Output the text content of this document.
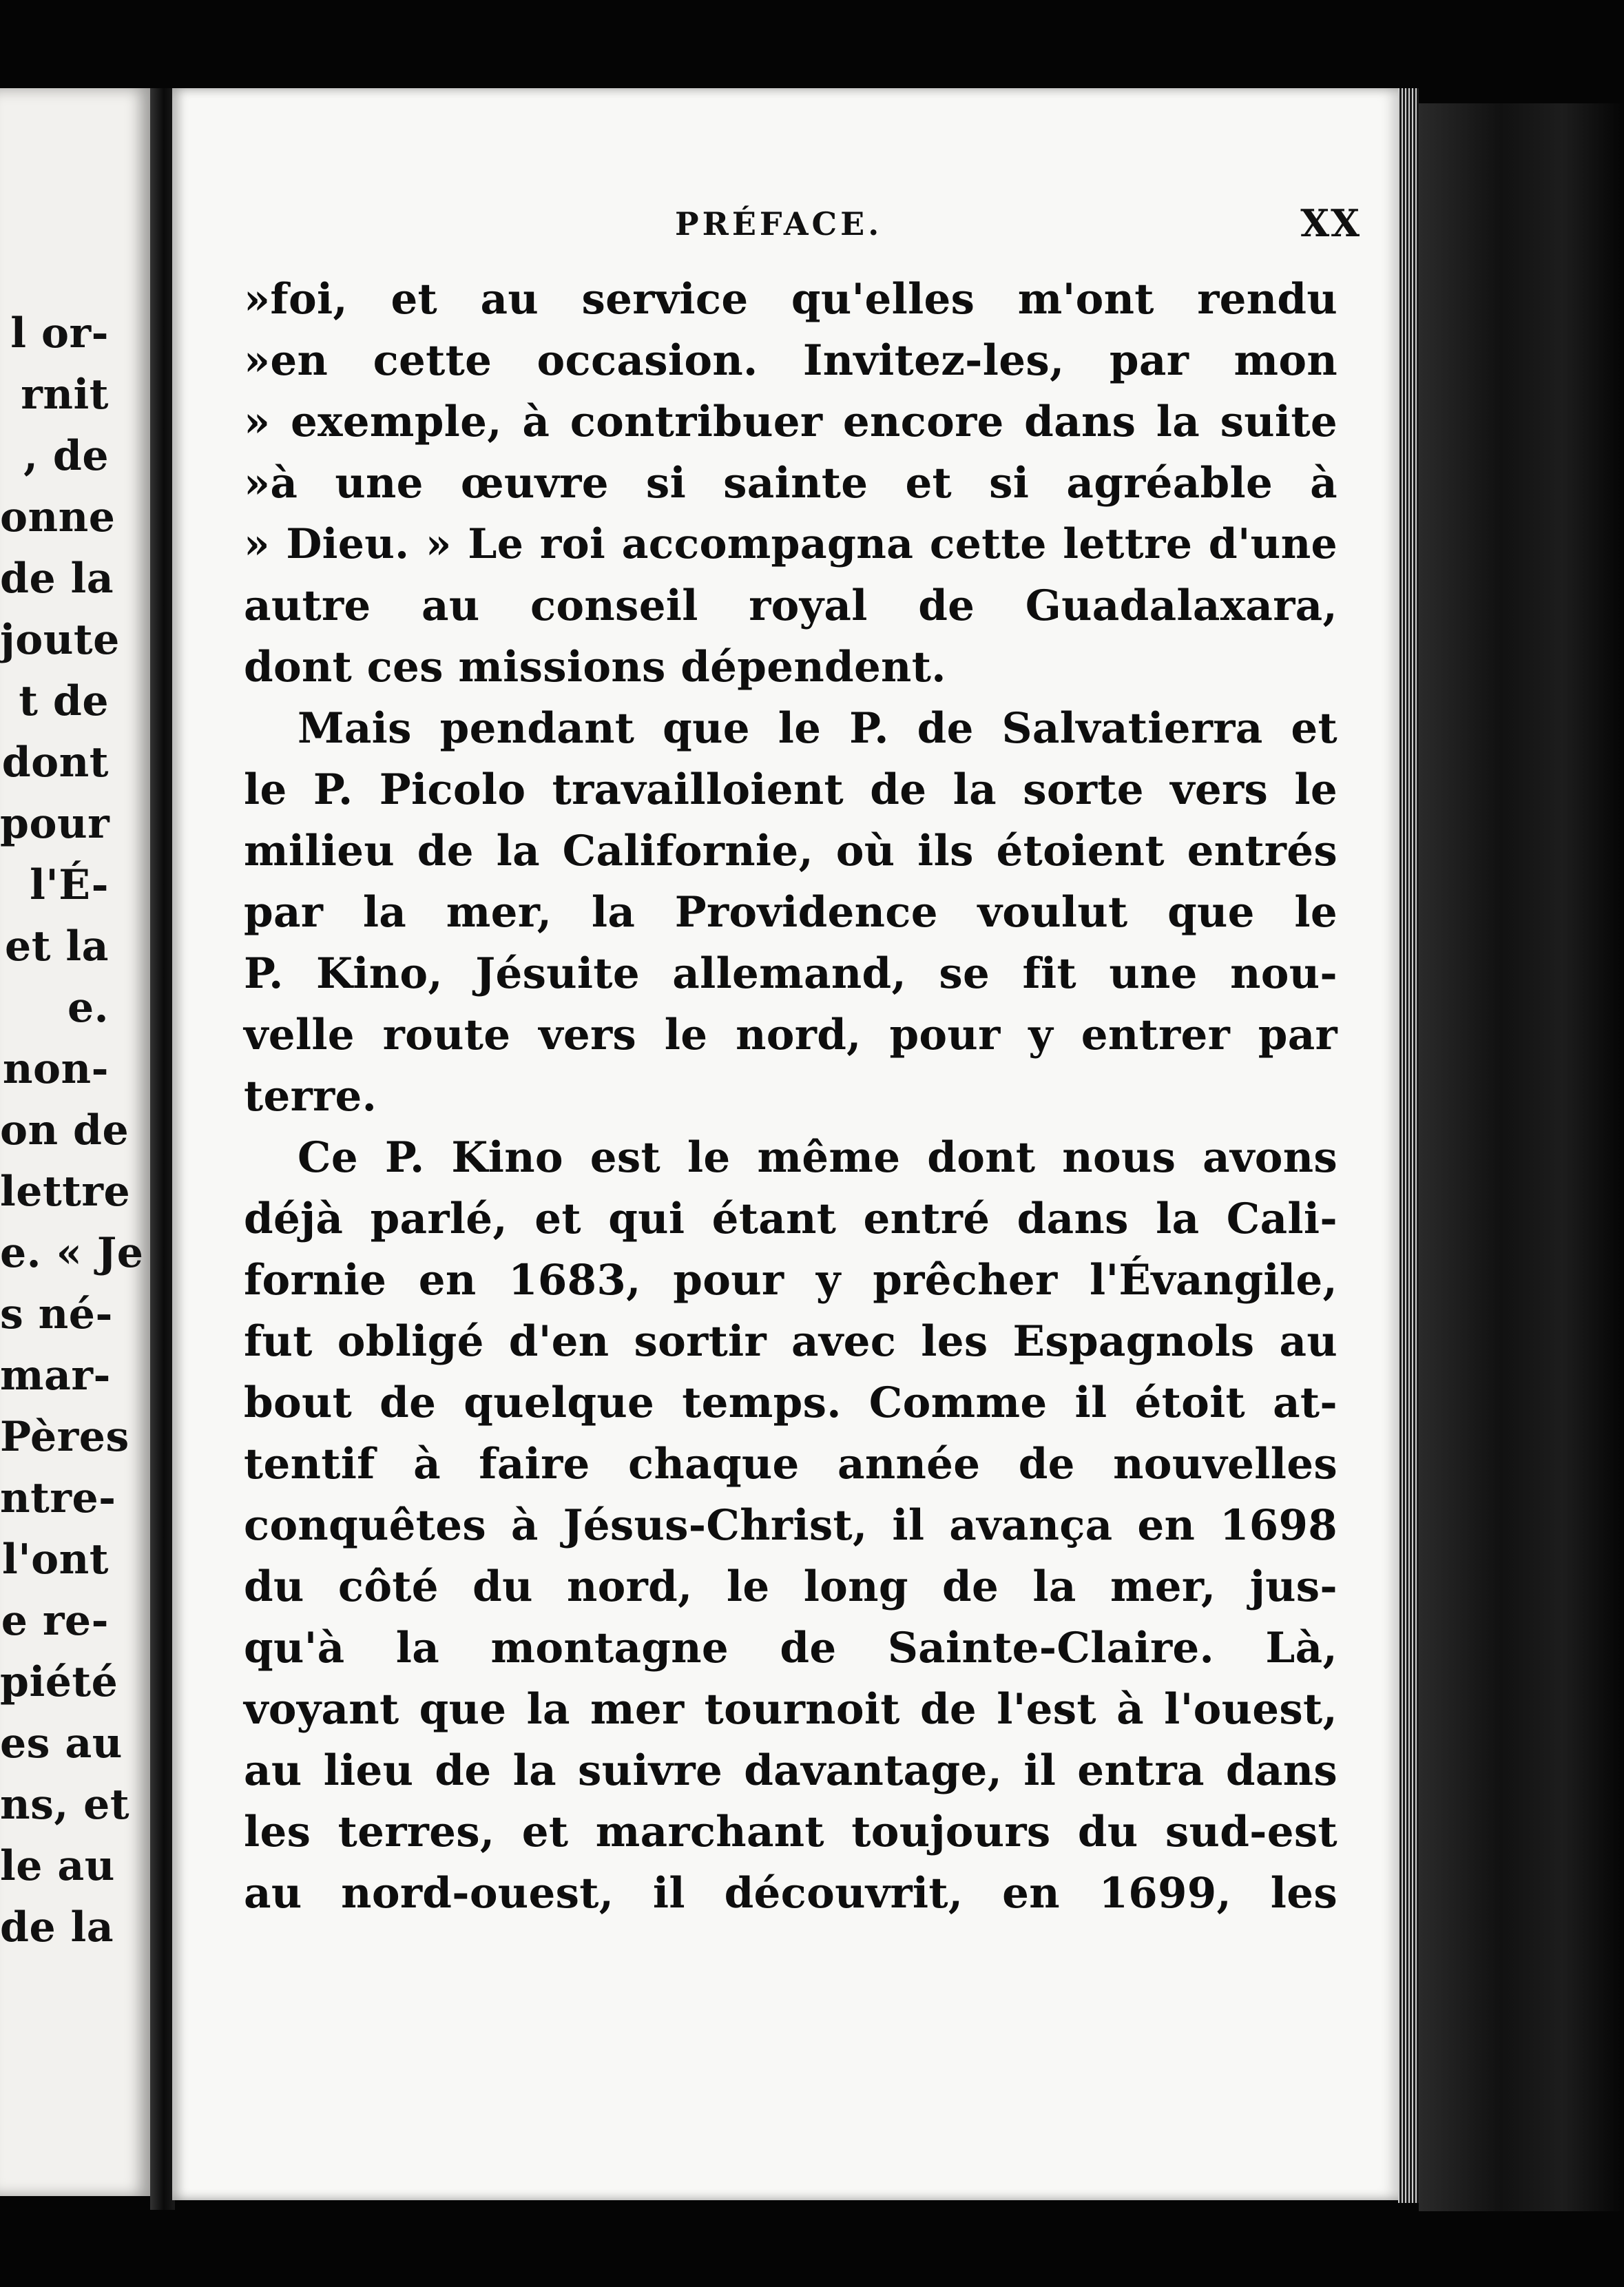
l or-
rnit
, de
onne
de la
joute
t de
dont
pour
l'É-
et la
e.
non-
on de
lettre
e. « Je
s né-
mar-
Pères
ntre-
l'ont
e re-
piété
es au
ns, et
le au
de la
PRÉFACE.	XX
»foi, et au service qu'elles m'ont rendu
»en cette occasion. Invitez-les, par mon
» exemple, à contribuer encore dans la suite
»à une œuvre si sainte et si agréable à
» Dieu. » Le roi accompagna cette lettre d'une
autre au conseil royal de Guadalaxara,
dont ces missions dépendent.
Mais pendant que le P. de Salvatierra et
le P. Picolo travailloient de la sorte vers le
milieu de la Californie, où ils étoient entrés
par la mer, la Providence voulut que le
P. Kino, Jésuite allemand, se fit une nou-
velle route vers le nord, pour y entrer par
terre.
Ce P. Kino est le même dont nous avons
déjà parlé, et qui étant entré dans la Cali-
fornie en 1683, pour y prêcher l'Évangile,
fut obligé d'en sortir avec les Espagnols au
bout de quelque temps. Comme il étoit at-
tentif à faire chaque année de nouvelles
conquêtes à Jésus-Christ, il avança en 1698
du côté du nord, le long de la mer, jus-
qu'à la montagne de Sainte-Claire. Là,
voyant que la mer tournoit de l'est à l'ouest,
au lieu de la suivre davantage, il entra dans
les terres, et marchant toujours du sud-est
au nord-ouest, il découvrit, en 1699, les
